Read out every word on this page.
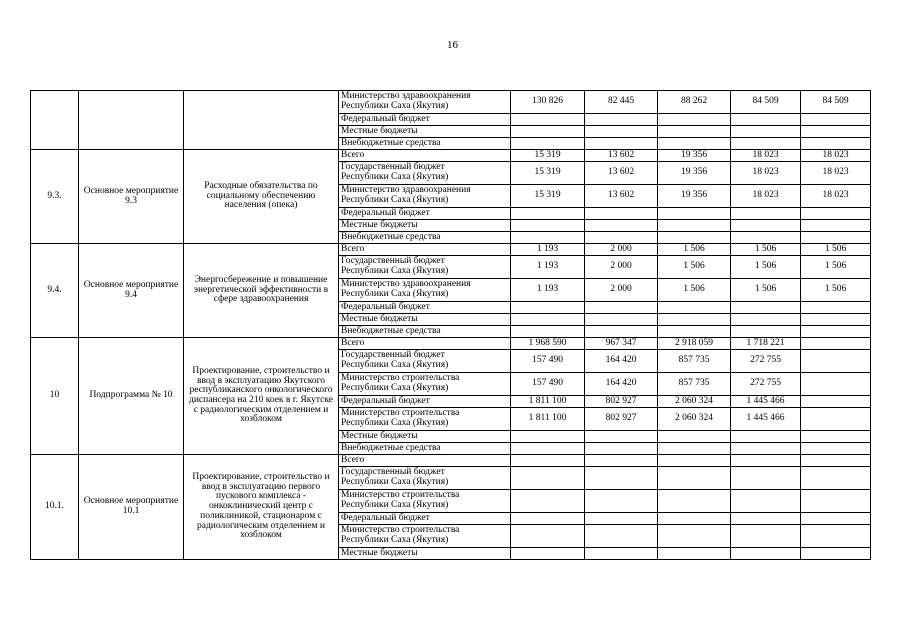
16

			Министерство здравоохранения
Республики Саха (Якутия)	130 826	82 445	88 262	84 509	84 509

			Федеральный бюджет					

			Местные бюджеты					

			Внебюджетные средства					

9.3.	Основное мероприятие 9.3	Расходные обязательства по социальному обеспечению населения (опека)	Всего	15 319	13 602	19 356	18 023	18 023

			Государственный бюджет
Республики Саха (Якутия)	15 319	13 602	19 356	18 023	18 023

			Министерство здравоохранения
Республики Саха (Якутия)	15 319	13 602	19 356	18 023	18 023

			Федеральный бюджет					

			Местные бюджеты					

			Внебюджетные средства					

9.4.	Основное мероприятие 9.4	Энергосбережение и повышение энергетической эффективности в сфере здравоохранения	Всего	1 193	2 000	1 506	1 506	1 506

			Государственный бюджет
Республики Саха (Якутия)	1 193	2 000	1 506	1 506	1 506

			Министерство здравоохранения
Республики Саха (Якутия)	1 193	2 000	1 506	1 506	1 506

			Федеральный бюджет					

			Местные бюджеты					

			Внебюджетные средства					

10	Подпрограмма № 10	Проектирование, строительство и ввод в эксплуатацию Якутского республиканского онкологического диспансера на 210 коек в г. Якутске с радиологическим отделением и хозблоком	Всего	1 968 590	967 347	2 918 059	1 718 221	

			Государственный бюджет
Республики Саха (Якутия)	157 490	164 420	857 735	272 755	

			Министерство строительства
Республики Саха (Якутия)	157 490	164 420	857 735	272 755	

			Федеральный бюджет	1 811 100	802 927	2 060 324	1 445 466	

			Министерство строительства
Республики Саха (Якутия)	1 811 100	802 927	2 060 324	1 445 466	

			Местные бюджеты					

			Внебюджетные средства					

10.1.	Основное мероприятие 10.1	Проектирование, строительство и ввод в эксплуатацию первого пускового комплекса - онкоклинический центр с поликлиникой, стационаром с радиологическим отделением и хозблоком	Всего					

			Государственный бюджет
Республики Саха (Якутия)					

			Министерство строительства
Республики Саха (Якутия)					

			Федеральный бюджет					

			Министерство строительства
Республики Саха (Якутия)					

			Местные бюджеты					
